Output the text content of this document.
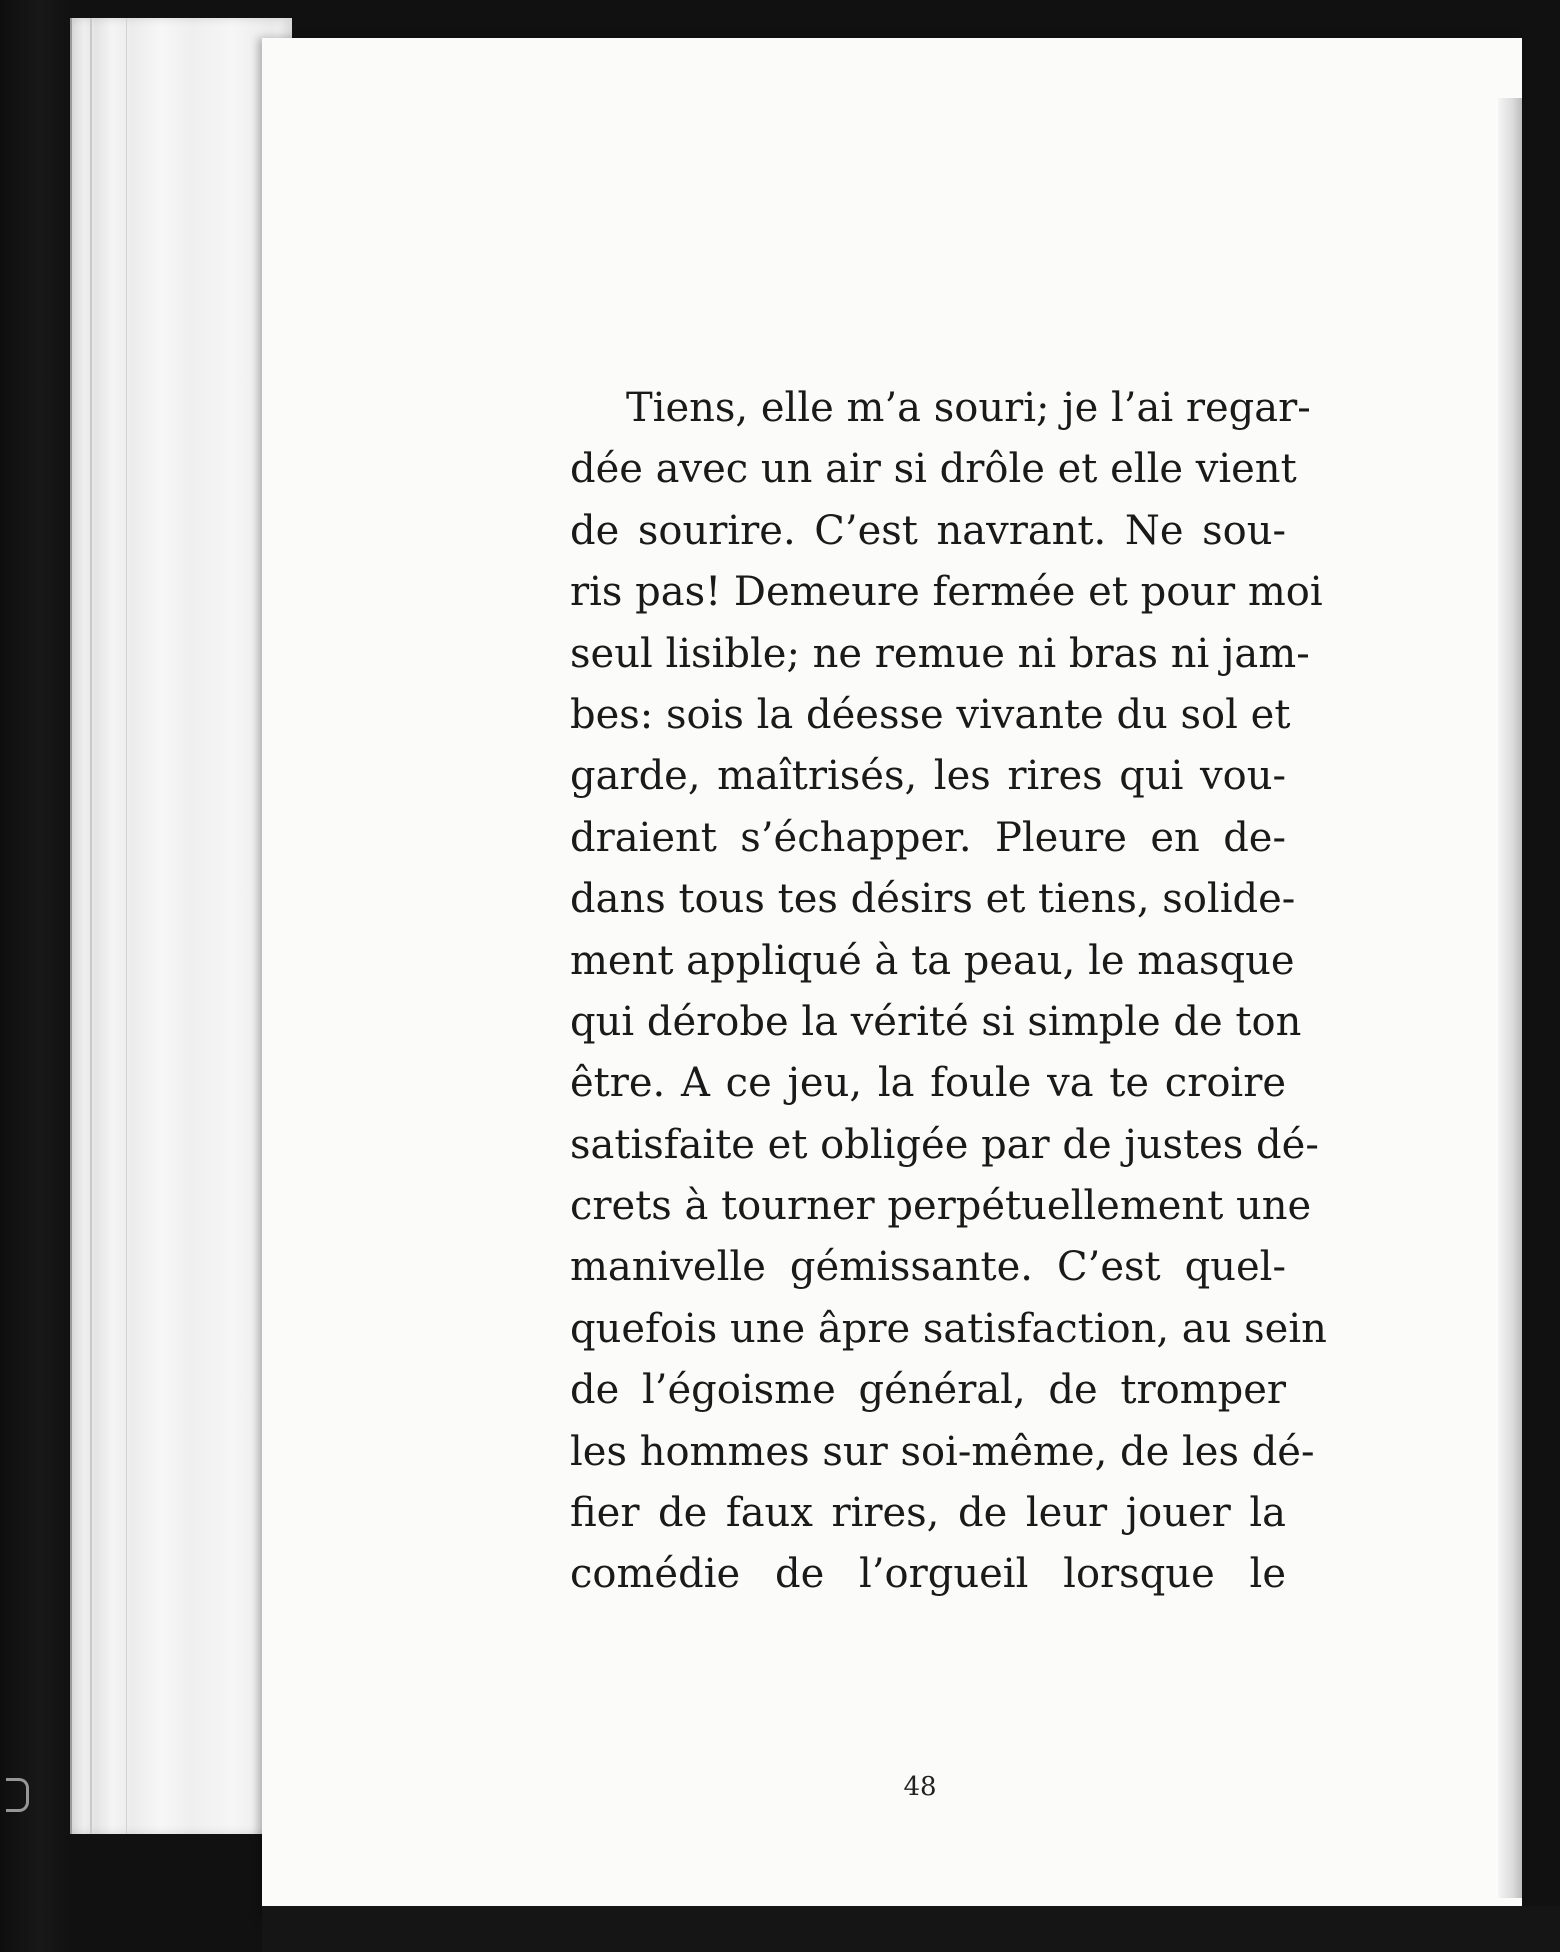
Tiens, elle m’a souri; je l’ai regar-
dée avec un air si drôle et elle vient
de sourire. C’est navrant. Ne sou-
ris pas! Demeure fermée et pour moi
seul lisible; ne remue ni bras ni jam-
bes: sois la déesse vivante du sol et
garde, maîtrisés, les rires qui vou-
draient s’échapper. Pleure en de-
dans tous tes désirs et tiens, solide-
ment appliqué à ta peau, le masque
qui dérobe la vérité si simple de ton
être. A ce jeu, la foule va te croire
satisfaite et obligée par de justes dé-
crets à tourner perpétuellement une
manivelle gémissante. C’est quel-
quefois une âpre satisfaction, au sein
de l’égoisme général, de tromper
les hommes sur soi-même, de les dé-
fier de faux rires, de leur jouer la
comédie de l’orgueil lorsque le
48
